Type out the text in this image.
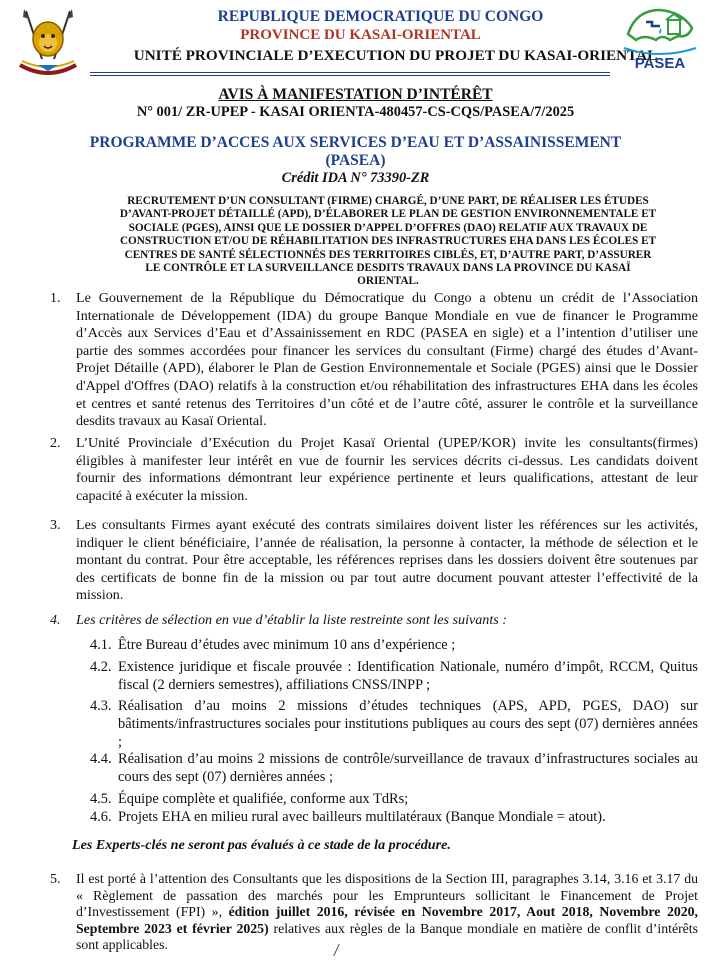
REPUBLIQUE DEMOCRATIQUE DU CONGO
PROVINCE DU KASAI-ORIENTAL
UNITÉ PROVINCIALE D’EXECUTION DU PROJET DU KASAI-ORIENTAL
PASEA
AVIS À MANIFESTATION D’INTÉRÊT
N° 001/ ZR-UPEP - KASAI ORIENTA-480457-CS-CQS/PASEA/7/2025
PROGRAMME D’ACCES AUX SERVICES D’EAU ET D’ASSAINISSEMENT
(PASEA)
Crédit IDA N° 73390-ZR
RECRUTEMENT D’UN CONSULTANT (FIRME) CHARGÉ, D’UNE PART, DE RÉALISER LES ÉTUDES D’AVANT-PROJET DÉTAILLÉ (APD), D’ÉLABORER LE PLAN DE GESTION ENVIRONNEMENTALE ET SOCIALE (PGES), AINSI QUE LE DOSSIER D’APPEL D’OFFRES (DAO) RELATIF AUX TRAVAUX DE CONSTRUCTION ET/OU DE RÉHABILITATION DES INFRASTRUCTURES EHA DANS LES ÉCOLES ET CENTRES DE SANTÉ SÉLECTIONNÉS DES TERRITOIRES CIBLÉS, ET, D’AUTRE PART, D’ASSURER LE CONTRÔLE ET LA SURVEILLANCE DESDITS TRAVAUX DANS LA PROVINCE DU KASAÏ ORIENTAL.
1. Le Gouvernement de la République du Démocratique du Congo a obtenu un crédit de l’Association Internationale de Développement (IDA) du groupe Banque Mondiale en vue de financer le Programme d’Accès aux Services d’Eau et d’Assainissement en RDC (PASEA en sigle) et a l’intention d’utiliser une partie des sommes accordées pour financer les services du consultant (Firme) chargé des études d’Avant-Projet Détaille (APD), élaborer le Plan de Gestion Environnementale et Sociale (PGES) ainsi que le Dossier d'Appel d'Offres (DAO) relatifs à la construction et/ou réhabilitation des infrastructures EHA dans les écoles et centres et santé retenus des Territoires d’un côté et de l’autre côté, assurer le contrôle et la surveillance desdits travaux au Kasaï Oriental.
2. L’Unité Provinciale d’Exécution du Projet Kasaï Oriental (UPEP/KOR) invite les consultants(firmes) éligibles à manifester leur intérêt en vue de fournir les services décrits ci-dessus. Les candidats doivent fournir des informations démontrant leur expérience pertinente et leurs qualifications, attestant de leur capacité à exécuter la mission.
3. Les consultants Firmes ayant exécuté des contrats similaires doivent lister les références sur les activités, indiquer le client bénéficiaire, l’année de réalisation, la personne à contacter, la méthode de sélection et le montant du contrat. Pour être acceptable, les références reprises dans les dossiers doivent être soutenues par des certificats de bonne fin de la mission ou par tout autre document pouvant attester l’effectivité de la mission.
4. Les critères de sélection en vue d’établir la liste restreinte sont les suivants :
4.1. Être Bureau d’études avec minimum 10 ans d’expérience ;
4.2. Existence juridique et fiscale prouvée : Identification Nationale, numéro d’impôt, RCCM, Quitus fiscal (2 derniers semestres), affiliations CNSS/INPP ;
4.3. Réalisation d’au moins 2 missions d’études techniques (APS, APD, PGES, DAO) sur bâtiments/infrastructures sociales pour institutions publiques au cours des sept (07) dernières années ;
4.4. Réalisation d’au moins 2 missions de contrôle/surveillance de travaux d’infrastructures sociales au cours des sept (07) dernières années ;
4.5. Équipe complète et qualifiée, conforme aux TdRs;
4.6. Projets EHA en milieu rural avec bailleurs multilatéraux (Banque Mondiale = atout).
Les Experts-clés ne seront pas évalués à ce stade de la procédure.
5. Il est porté à l’attention des Consultants que les dispositions de la Section III, paragraphes 3.14, 3.16 et 3.17 du « Règlement de passation des marchés pour les Emprunteurs sollicitant le Financement de Projet d’Investissement (FPI) », édition juillet 2016, révisée en Novembre 2017, Aout 2018, Novembre 2020, Septembre 2023 et février 2025) relatives aux règles de la Banque mondiale en matière de conflit d’intérêts sont applicables.
